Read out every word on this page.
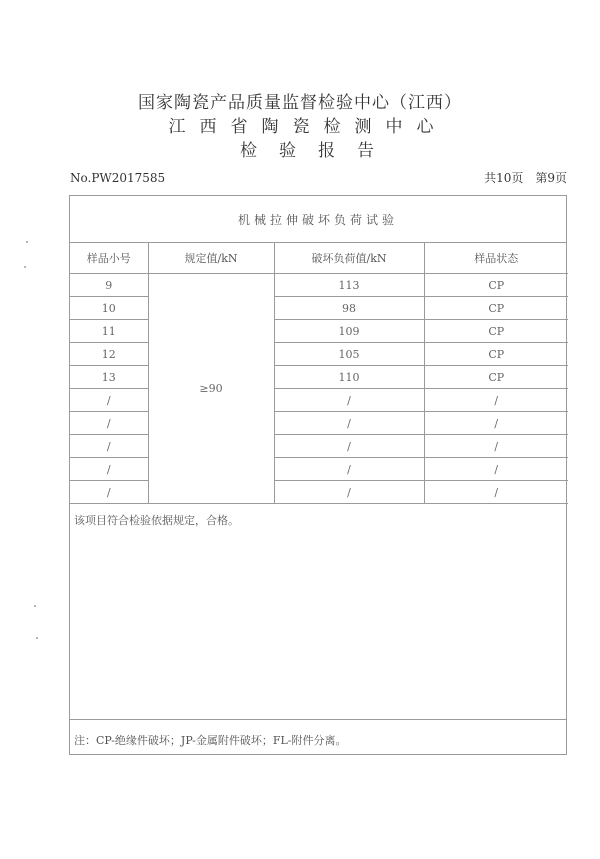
国家陶瓷产品质量监督检验中心（江西）
江西省陶瓷检测中心
检验报告
No.PW2017585	共10页　第9页
机械拉伸破坏负荷试验
样品小号	规定值/kN	破坏负荷值/kN	样品状态
9	≥90	113	CP
10		98	CP
11		109	CP
12		105	CP
13		110	CP
/		/	/
/		/	/
/		/	/
/		/	/
/		/	/
该项目符合检验依据规定，合格。
注：CP-绝缘件破坏；JP-金属附件破坏；FL-附件分离。
